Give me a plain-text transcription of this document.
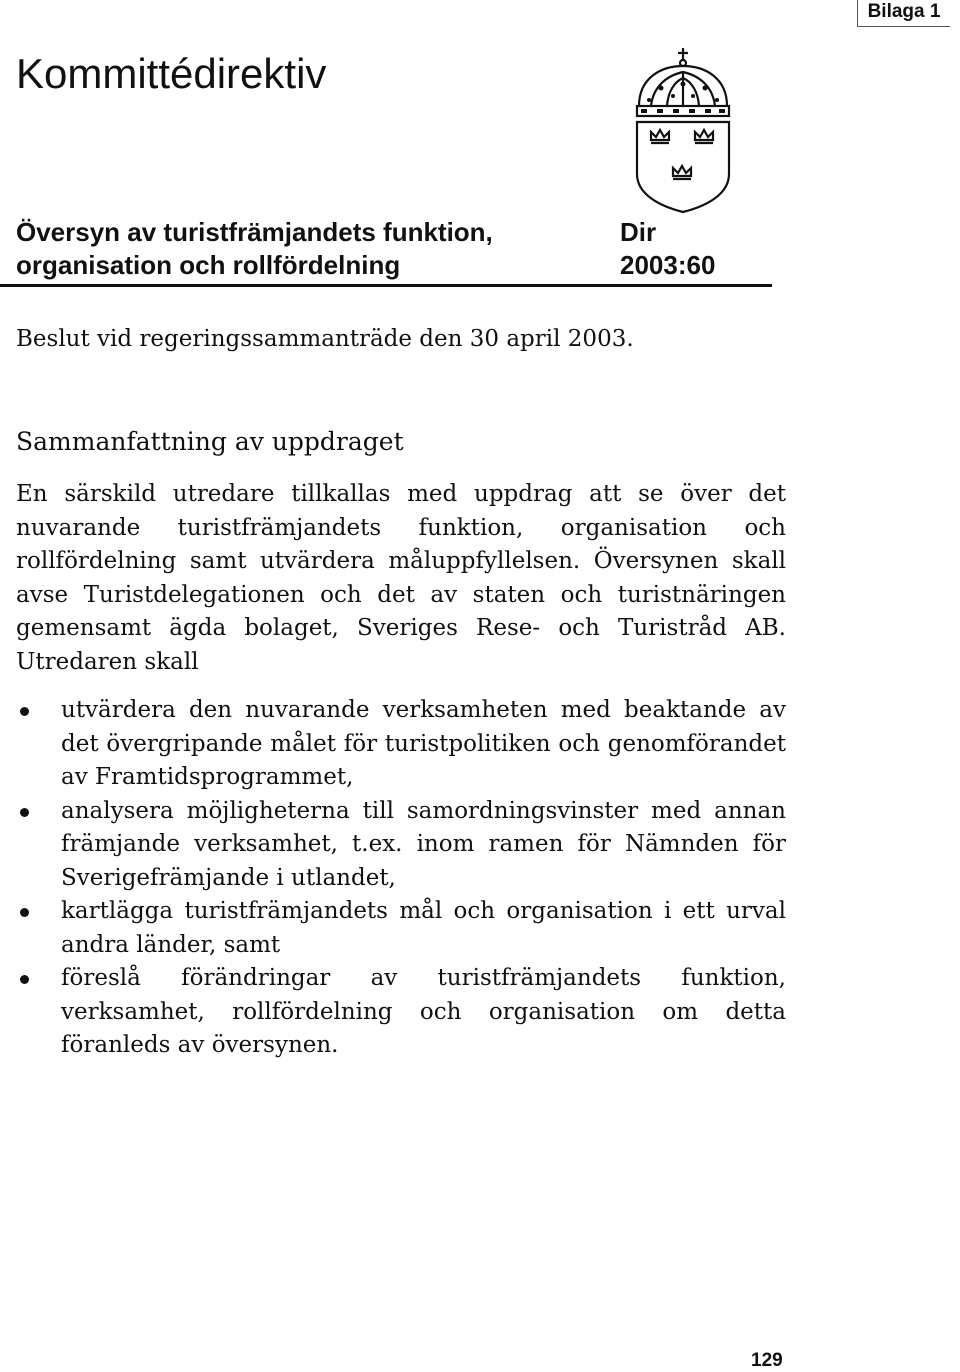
Bilaga 1
Kommittédirektiv
Översyn av turistfrämjandets funktion,
organisation och rollfördelning
Dir
2003:60
Beslut vid regeringssammanträde den 30 april 2003.
Sammanfattning av uppdraget

En särskild utredare tillkallas med uppdrag att se över det nuvarande turistfrämjandets funktion, organisation och rollfördelning samt utvärdera måluppfyllelsen. Översynen skall avse Turistdelegationen och det av staten och turistnäringen gemensamt ägda bolaget, Sveriges Rese- och Turistråd AB. Utredaren skall

utvärdera den nuvarande verksamheten med beaktande av det övergripande målet för turistpolitiken och genomförandet av Framtidsprogrammet,
analysera möjligheterna till samordningsvinster med annan främjande verksamhet, t.ex. inom ramen för Nämnden för Sverigefrämjande i utlandet,
kartlägga turistfrämjandets mål och organisation i ett urval andra länder, samt
föreslå förändringar av turistfrämjandets funktion, verksamhet, rollfördelning och organisation om detta föranleds av översynen.
129
